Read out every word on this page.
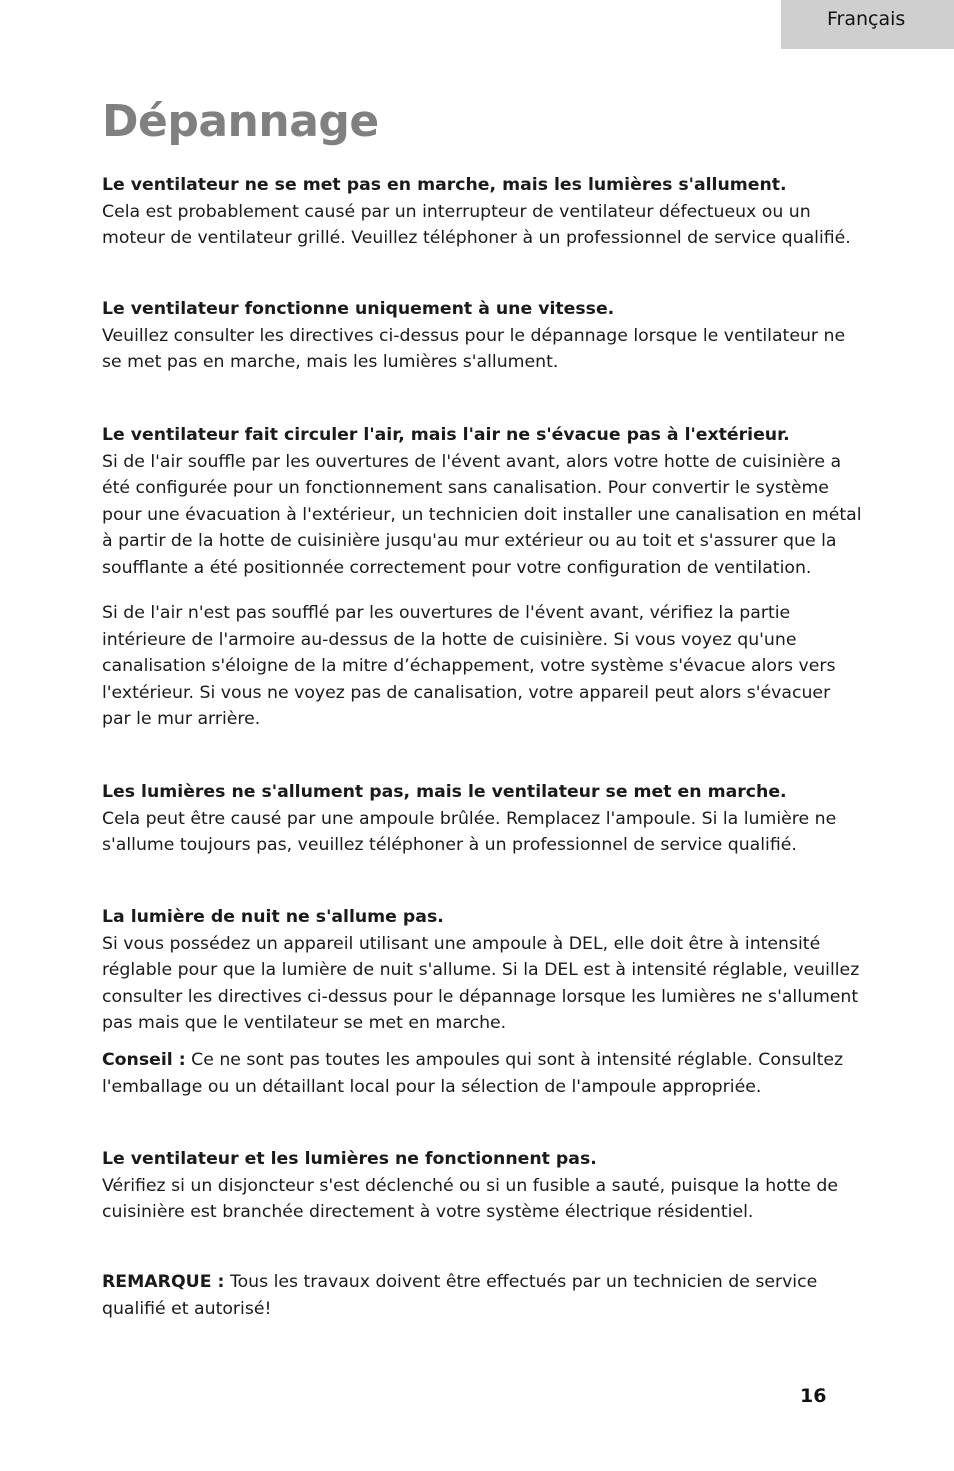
Français
Dépannage

Le ventilateur ne se met pas en marche, mais les lumières s'allument.

Cela est probablement causé par un interrupteur de ventilateur défectueux ou un moteur de ventilateur grillé. Veuillez téléphoner à un professionnel de service qualifié.

Le ventilateur fonctionne uniquement à une vitesse.

Veuillez consulter les directives ci-dessus pour le dépannage lorsque le ventilateur ne se met pas en marche, mais les lumières s'allument.

Le ventilateur fait circuler l'air, mais l'air ne s'évacue pas à l'extérieur.

Si de l'air souffle par les ouvertures de l'évent avant, alors votre hotte de cuisinière a été configurée pour un fonctionnement sans canalisation. Pour convertir le système pour une évacuation à l'extérieur, un technicien doit installer une canalisation en métal à partir de la hotte de cuisinière jusqu'au mur extérieur ou au toit et s'assurer que la soufflante a été positionnée correctement pour votre configuration de ventilation.

Si de l'air n'est pas soufflé par les ouvertures de l'évent avant, vérifiez la partie intérieure de l'armoire au-dessus de la hotte de cuisinière. Si vous voyez qu'une canalisation s'éloigne de la mitre d’échappement, votre système s'évacue alors vers l'extérieur. Si vous ne voyez pas de canalisation, votre appareil peut alors s'évacuer par le mur arrière.

Les lumières ne s'allument pas, mais le ventilateur se met en marche.

Cela peut être causé par une ampoule brûlée. Remplacez l'ampoule. Si la lumière ne s'allume toujours pas, veuillez téléphoner à un professionnel de service qualifié.

La lumière de nuit ne s'allume pas.

Si vous possédez un appareil utilisant une ampoule à DEL, elle doit être à intensité réglable pour que la lumière de nuit s'allume. Si la DEL est à intensité réglable, veuillez consulter les directives ci-dessus pour le dépannage lorsque les lumières ne s'allument pas mais que le ventilateur se met en marche.

Conseil : Ce ne sont pas toutes les ampoules qui sont à intensité réglable. Consultez l'emballage ou un détaillant local pour la sélection de l'ampoule appropriée.

Le ventilateur et les lumières ne fonctionnent pas.

Vérifiez si un disjoncteur s'est déclenché ou si un fusible a sauté, puisque la hotte de cuisinière est branchée directement à votre système électrique résidentiel.

REMARQUE : Tous les travaux doivent être effectués par un technicien de service qualifié et autorisé!

16
